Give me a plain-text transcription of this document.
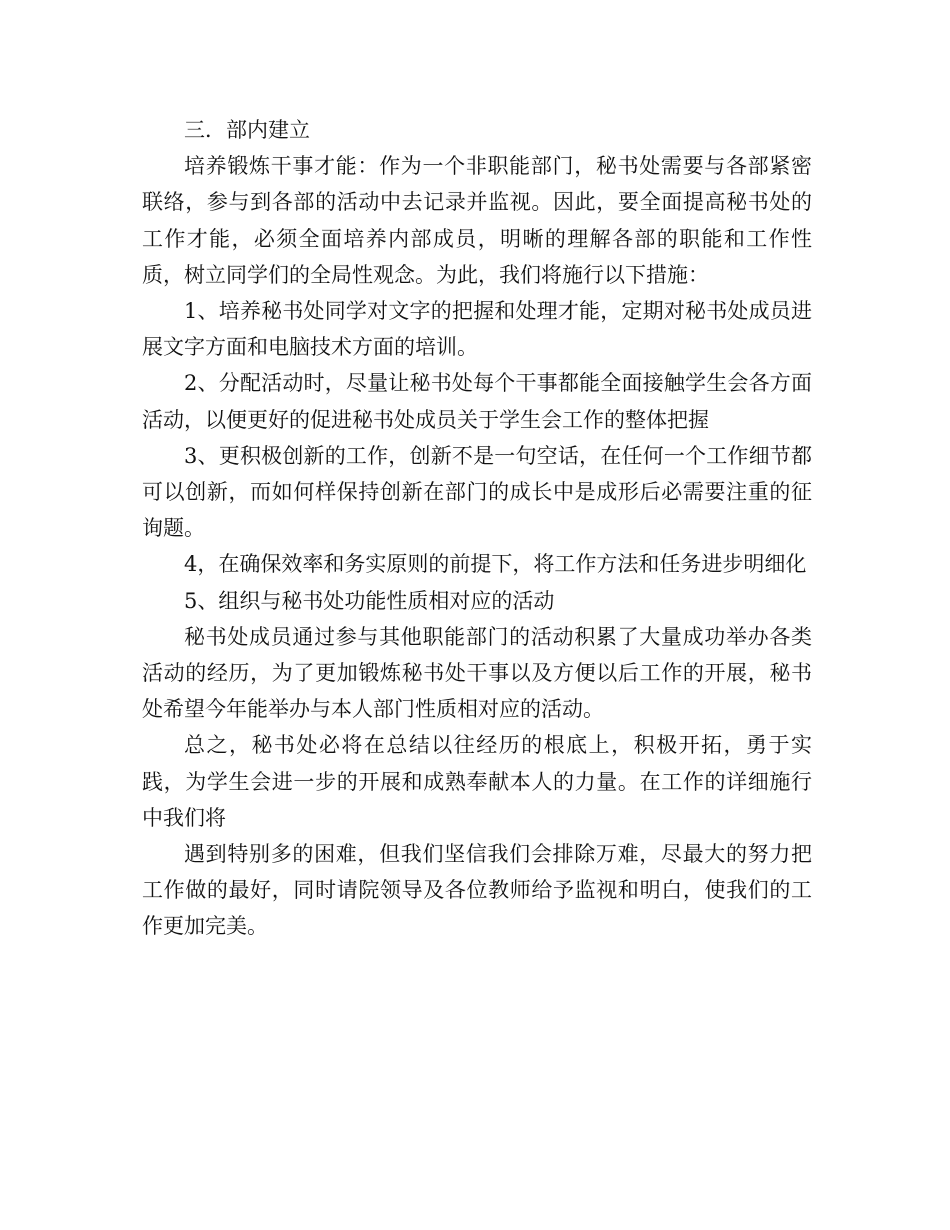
三．部内建立

培养锻炼干事才能：作为一个非职能部门，秘书处需要与各部紧密联络，参与到各部的活动中去记录并监视。因此，要全面提高秘书处的工作才能，必须全面培养内部成员，明晰的理解各部的职能和工作性质，树立同学们的全局性观念。为此，我们将施行以下措施：

1、培养秘书处同学对文字的把握和处理才能，定期对秘书处成员进展文字方面和电脑技术方面的培训。

2、分配活动时，尽量让秘书处每个干事都能全面接触学生会各方面活动，以便更好的促进秘书处成员关于学生会工作的整体把握

3、更积极创新的工作，创新不是一句空话，在任何一个工作细节都可以创新，而如何样保持创新在部门的成长中是成形后必需要注重的征询题。

4，在确保效率和务实原则的前提下，将工作方法和任务进步明细化

5、组织与秘书处功能性质相对应的活动

秘书处成员通过参与其他职能部门的活动积累了大量成功举办各类活动的经历，为了更加锻炼秘书处干事以及方便以后工作的开展，秘书处希望今年能举办与本人部门性质相对应的活动。

总之，秘书处必将在总结以往经历的根底上，积极开拓，勇于实践，为学生会进一步的开展和成熟奉献本人的力量。在工作的详细施行中我们将

遇到特别多的困难，但我们坚信我们会排除万难，尽最大的努力把工作做的最好，同时请院领导及各位教师给予监视和明白，使我们的工作更加完美。
